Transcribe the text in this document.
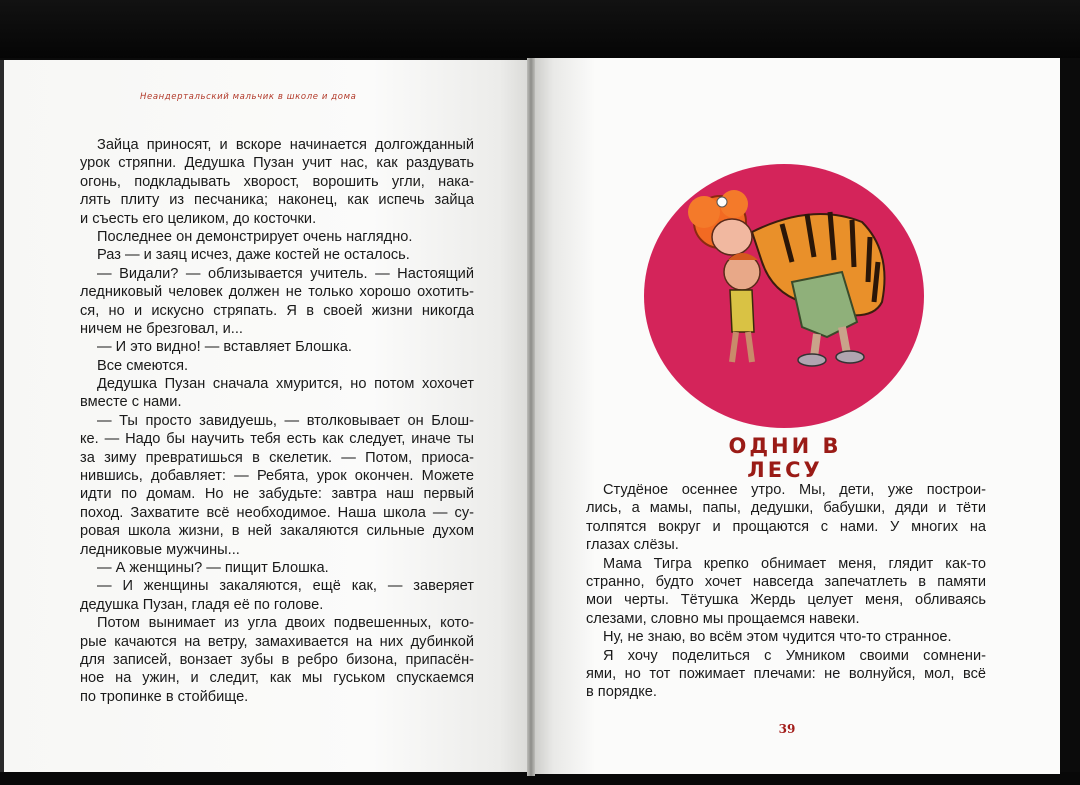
Неандертальский мальчик в школе и дома
Зайца приносят, и вскоре начинается долгожданный
урок стряпни. Дедушка Пузан учит нас, как раздувать
огонь, подкладывать хворост, ворошить угли, нака-
лять плиту из песчаника; наконец, как испечь зайца
и съесть его целиком, до косточки.
Последнее он демонстрирует очень наглядно.
Раз — и заяц исчез, даже костей не осталось.
— Видали? — облизывается учитель. — Настоящий
ледниковый человек должен не только хорошо охотить-
ся, но и искусно стряпать. Я в своей жизни никогда
ничем не брезговал, и...
— И это видно! — вставляет Блошка.
Все смеются.
Дедушка Пузан сначала хмурится, но потом хохочет
вместе с нами.
— Ты просто завидуешь, — втолковывает он Блош-
ке. — Надо бы научить тебя есть как следует, иначе ты
за зиму превратишься в скелетик. — Потом, приоса-
нившись, добавляет: — Ребята, урок окончен. Можете
идти по домам. Но не забудьте: завтра наш первый
поход. Захватите всё необходимое. Наша школа — су-
ровая школа жизни, в ней закаляются сильные духом
ледниковые мужчины...
— А женщины? — пищит Блошка.
— И женщины закаляются, ещё как, — заверяет
дедушка Пузан, гладя её по голове.
Потом вынимает из угла двоих подвешенных, кото-
рые качаются на ветру, замахивается на них дубинкой
для записей, вонзает зубы в ребро бизона, припасён-
ное на ужин, и следит, как мы гуськом спускаемся
по тропинке в стойбище.
ОДНИ В ЛЕСУ
Студёное осеннее утро. Мы, дети, уже построи-
лись, а мамы, папы, дедушки, бабушки, дяди и тёти
толпятся вокруг и прощаются с нами. У многих на
глазах слёзы.
Мама Тигра крепко обнимает меня, глядит как-то
странно, будто хочет навсегда запечатлеть в памяти
мои черты. Тётушка Жердь целует меня, обливаясь
слезами, словно мы прощаемся навеки.
Ну, не знаю, во всём этом чудится что-то странное.
Я хочу поделиться с Умником своими сомнени-
ями, но тот пожимает плечами: не волнуйся, мол, всё
в порядке.
39
